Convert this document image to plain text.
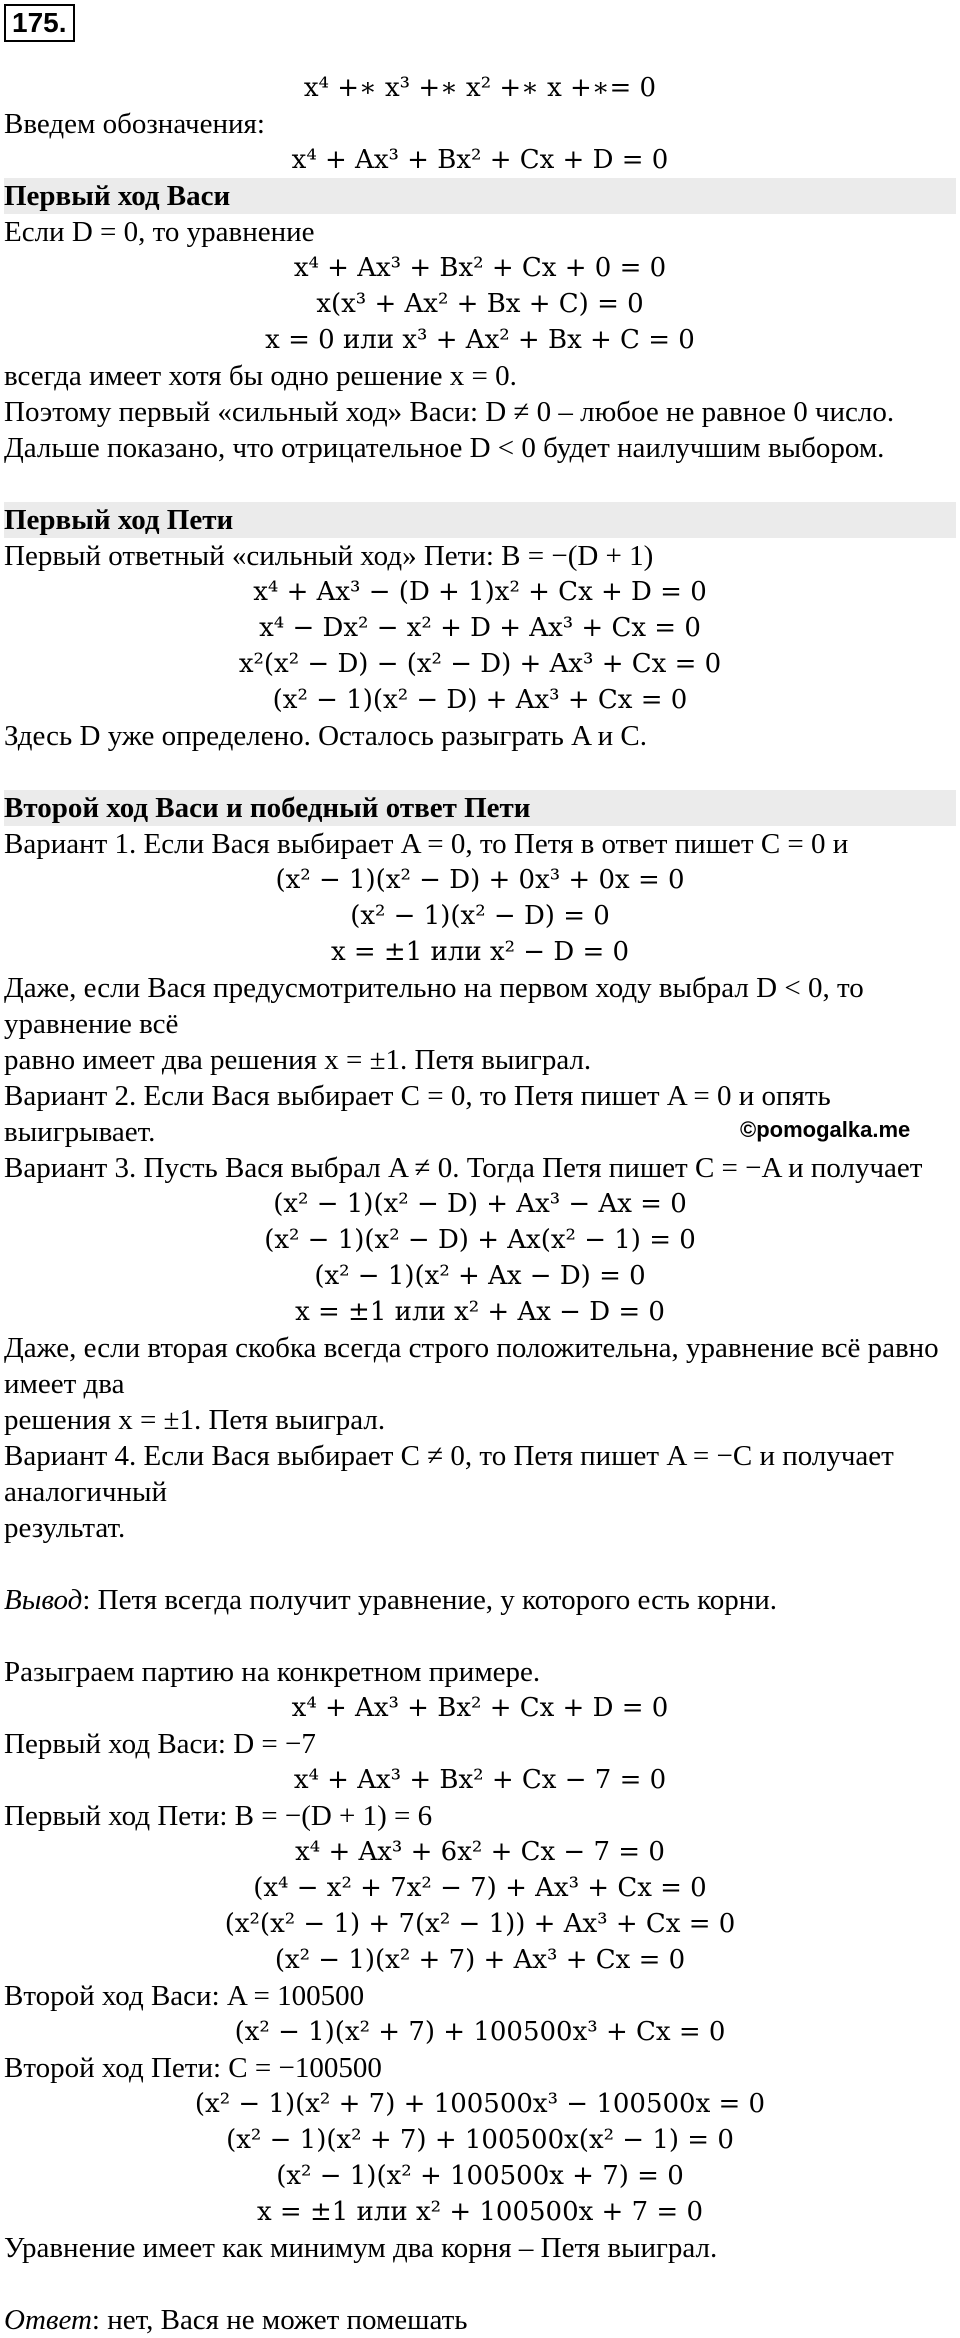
175.
©pomogalka.me
x⁴ +∗ x³ +∗ x² +∗ x +∗= 0

Введем обозначения:

x⁴ + Ax³ + Bx² + Cx + D = 0

Первый ход Васи

Если D = 0, то уравнение

x⁴ + Ax³ + Bx² + Cx + 0 = 0
x(x³ + Ax² + Bx + C) = 0
x = 0 или x³ + Ax² + Bx + C = 0

всегда имеет хотя бы одно решение x = 0.

Поэтому первый «сильный ход» Васи: D ≠ 0 – любое не равное 0 число.

Дальше показано, что отрицательное D < 0 будет наилучшим выбором.

Первый ход Пети

Первый ответный «сильный ход» Пети: B = −(D + 1)

x⁴ + Ax³ − (D + 1)x² + Cx + D = 0
x⁴ − Dx² − x² + D + Ax³ + Cx = 0
x²(x² − D) − (x² − D) + Ax³ + Cx = 0
(x² − 1)(x² − D) + Ax³ + Cx = 0

Здесь D уже определено. Осталось разыграть A и C.

Второй ход Васи и победный ответ Пети

Вариант 1. Если Вася выбирает A = 0, то Петя в ответ пишет C = 0 и

(x² − 1)(x² − D) + 0x³ + 0x = 0
(x² − 1)(x² − D) = 0
x = ±1 или x² − D = 0

Даже, если Вася предусмотрительно на первом ходу выбрал D < 0, то уравнение всё

равно имеет два решения x = ±1. Петя выиграл.

Вариант 2. Если Вася выбирает C = 0, то Петя пишет A = 0 и опять выигрывает.

Вариант 3. Пусть Вася выбрал A ≠ 0. Тогда Петя пишет C = −A и получает

(x² − 1)(x² − D) + Ax³ − Ax = 0
(x² − 1)(x² − D) + Ax(x² − 1) = 0
(x² − 1)(x² + Ax − D) = 0
x = ±1 или x² + Ax − D = 0

Даже, если вторая скобка всегда строго положительна, уравнение всё равно имеет два

решения x = ±1. Петя выиграл.

Вариант 4. Если Вася выбирает C ≠ 0, то Петя пишет A = −C и получает аналогичный

результат.

Вывод: Петя всегда получит уравнение, у которого есть корни.

Разыграем партию на конкретном примере.

x⁴ + Ax³ + Bx² + Cx + D = 0

Первый ход Васи: D = −7

x⁴ + Ax³ + Bx² + Cx − 7 = 0

Первый ход Пети: B = −(D + 1) = 6

x⁴ + Ax³ + 6x² + Cx − 7 = 0
(x⁴ − x² + 7x² − 7) + Ax³ + Cx = 0
(x²(x² − 1) + 7(x² − 1)) + Ax³ + Cx = 0
(x² − 1)(x² + 7) + Ax³ + Cx = 0

Второй ход Васи: A = 100500

(x² − 1)(x² + 7) + 100500x³ + Cx = 0

Второй ход Пети: C = −100500

(x² − 1)(x² + 7) + 100500x³ − 100500x = 0
(x² − 1)(x² + 7) + 100500x(x² − 1) = 0
(x² − 1)(x² + 100500x + 7) = 0
x = ±1 или x² + 100500x + 7 = 0

Уравнение имеет как минимум два корня – Петя выиграл.

Ответ: нет, Вася не может помешать
